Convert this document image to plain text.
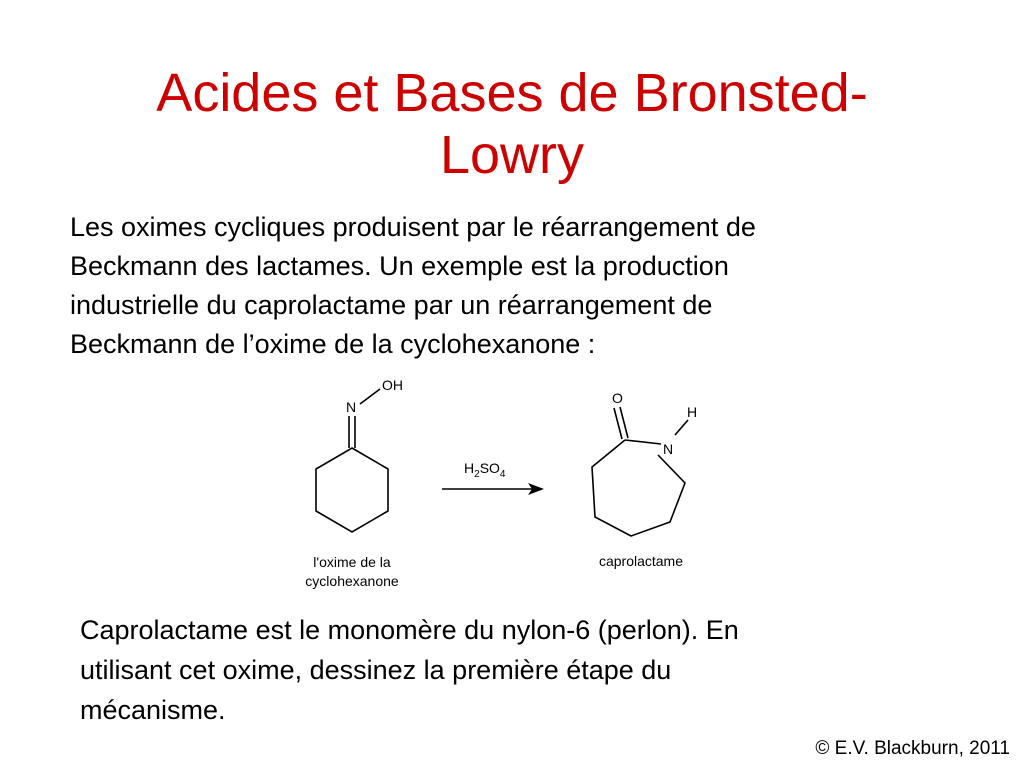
Acides et Bases de Bronsted-
Lowry
Les oximes cycliques produisent par le réarrangement de
Beckmann des lactames. Un exemple est la production
industrielle du caprolactame par un réarrangement de
Beckmann de l’oxime de la cyclohexanone :
N
OH
l'oxime de la
cyclohexanone
$H_2SO_4$
O
H
N
caprolactame
Caprolactame est le monomère du nylon-6 (perlon). En
utilisant cet oxime, dessinez la première étape du
mécanisme.
© E.V. Blackburn, 2011
